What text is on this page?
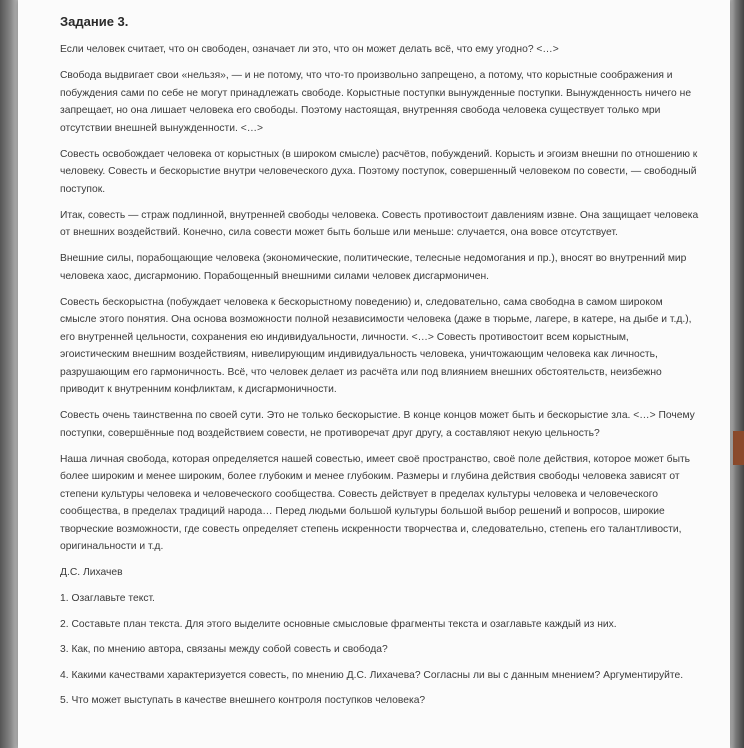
Задание 3.

Если человек считает, что он свободен, означает ли это, что он может делать всё, что ему угодно? <…>

Свобода выдвигает свои «нельзя», — и не потому, что что-то произвольно запрещено, а потому, что корыстные соображения и побуждения сами по себе не могут принадлежать свободе. Корыстные поступки вынужденные поступки. Вынужденность ничего не запрещает, но она лишает человека его свободы. Поэтому настоящая, внутренняя свобода человека существует только мри отсутствии внешней вынужденности. <…>

Совесть освобождает человека от корыстных (в широком смысле) расчётов, побуждений. Корысть и эгоизм внешни по отношению к человеку. Совесть и бескорыстие внутри человеческого духа. Поэтому поступок, совершенный человеком по совести, — свободный поступок.

Итак, совесть — страж подлинной, внутренней свободы человека. Совесть противостоит давлениям извне. Она защищает человека от внешних воздействий. Конечно, сила совести может быть больше или меньше: случается, она вовсе отсутствует.

Внешние силы, порабощающие человека (экономические, политические, телесные недомогания и пр.), вносят во внутренний мир человека хаос, дисгармонию. Порабощенный внешними силами человек дисгармоничен.

Совесть бескорыстна (побуждает человека к бескорыстному поведению) и, следовательно, сама свободна в самом широком смысле этого понятия. Она основа возможности полной независимости человека (даже в тюрьме, лагере, в катере, на дыбе и т.д.), его внутренней цельности, сохранения ею индивидуальности, личности. <…> Совесть противостоит всем корыстным, эгоистическим внешним воздействиям, нивелирующим индивидуальность человека, уничтожающим человека как личность, разрушающим его гармоничность. Всё, что человек делает из расчёта или под влиянием внешних обстоятельств, неизбежно приводит к внутренним конфликтам, к дисгармоничности.

Совесть очень таинственна по своей сути. Это не только бескорыстие. В конце концов может быть и бескорыстие зла. <…> Почему поступки, совершённые под воздействием совести, не противоречат друг другу, а составляют некую цельность?

Наша личная свобода, которая определяется нашей совестью, имеет своё пространство, своё поле действия, которое может быть более широким и менее широким, более глубоким и менее глубоким. Размеры и глубина действия свободы человека зависят от степени культуры человека и человеческого сообщества. Совесть действует в пределах культуры человека и человеческого сообщества, в пределах традиций народа… Перед людьми большой культуры большой выбор решений и вопросов, широкие творческие возможности, где совесть определяет степень искренности творчества и, следовательно, степень его талантливости, оригинальности и т.д.

Д.С. Лихачев

1. Озаглавьте текст.

2. Составьте план текста. Для этого выделите основные смысловые фрагменты текста и озаглавьте каждый из них.

3. Как, по мнению автора, связаны между собой совесть и свобода?

4. Какими качествами характеризуется совесть, по мнению Д.С. Лихачева? Согласны ли вы с данным мнением? Аргументируйте.

5. Что может выступать в качестве внешнего контроля поступков человека?
